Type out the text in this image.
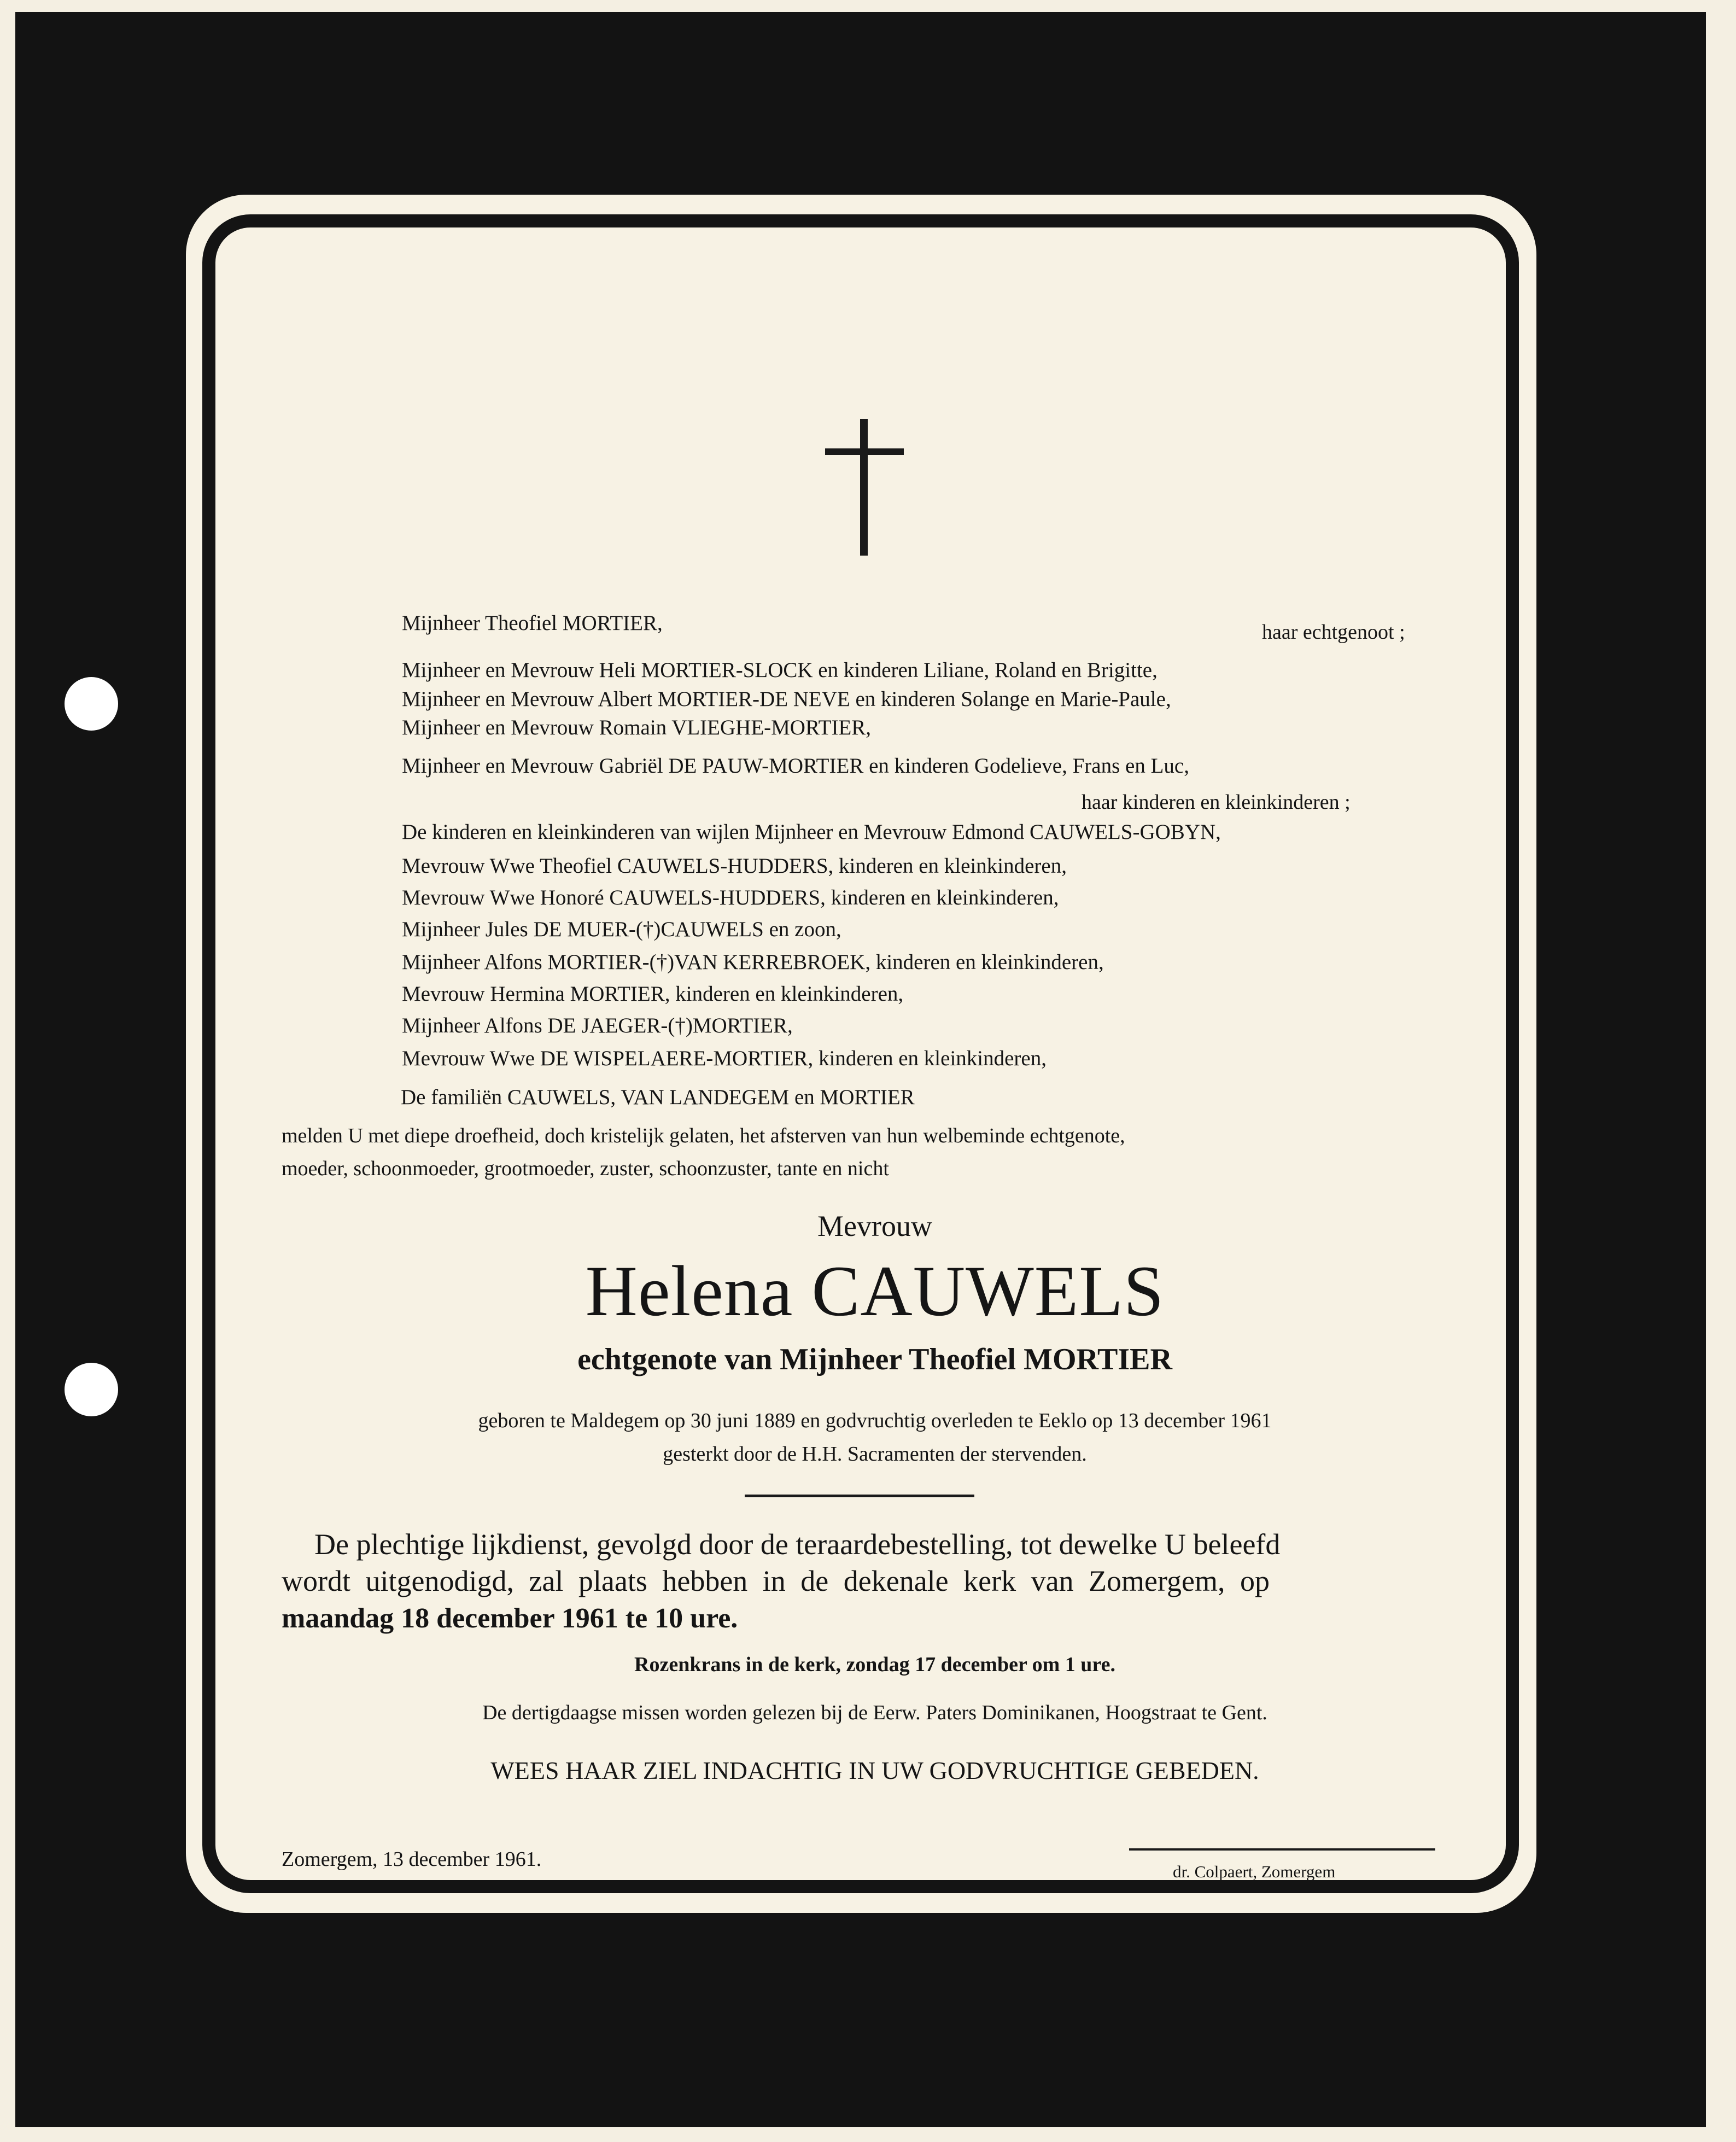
Mijnheer Theofiel MORTIER,	haar echtgenoot ;
Mijnheer en Mevrouw Heli MORTIER-SLOCK en kinderen Liliane, Roland en Brigitte,
Mijnheer en Mevrouw Albert MORTIER-DE NEVE en kinderen Solange en Marie-Paule,
Mijnheer en Mevrouw Romain VLIEGHE-MORTIER,
Mijnheer en Mevrouw Gabriël DE PAUW-MORTIER en kinderen Godelieve, Frans en Luc,
haar kinderen en kleinkinderen ;
De kinderen en kleinkinderen van wijlen Mijnheer en Mevrouw Edmond CAUWELS-GOBYN,
Mevrouw Wwe Theofiel CAUWELS-HUDDERS, kinderen en kleinkinderen,
Mevrouw Wwe Honoré CAUWELS-HUDDERS, kinderen en kleinkinderen,
Mijnheer Jules DE MUER-(†)CAUWELS en zoon,
Mijnheer Alfons MORTIER-(†)VAN KERREBROEK, kinderen en kleinkinderen,
Mevrouw Hermina MORTIER, kinderen en kleinkinderen,
Mijnheer Alfons DE JAEGER-(†)MORTIER,
Mevrouw Wwe DE WISPELAERE-MORTIER, kinderen en kleinkinderen,
De familiën CAUWELS, VAN LANDEGEM en MORTIER
melden U met diepe droefheid, doch kristelijk gelaten, het afsterven van hun welbeminde echtgenote,
moeder, schoonmoeder, grootmoeder, zuster, schoonzuster, tante en nicht
Mevrouw
Helena CAUWELS
echtgenote van Mijnheer Theofiel MORTIER
geboren te Maldegem op 30 juni 1889 en godvruchtig overleden te Eeklo op 13 december 1961
gesterkt door de H.H. Sacramenten der stervenden.
De plechtige lijkdienst, gevolgd door de teraardebestelling, tot dewelke U beleefd
wordt uitgenodigd, zal plaats hebben in de dekenale kerk van Zomergem, op
maandag 18 december 1961 te 10 ure.
Rozenkrans in de kerk, zondag 17 december om 1 ure.
De dertigdaagse missen worden gelezen bij de Eerw. Paters Dominikanen, Hoogstraat te Gent.
WEES HAAR ZIEL INDACHTIG IN UW GODVRUCHTIGE GEBEDEN.
Zomergem, 13 december 1961.
dr. Colpaert, Zomergem
